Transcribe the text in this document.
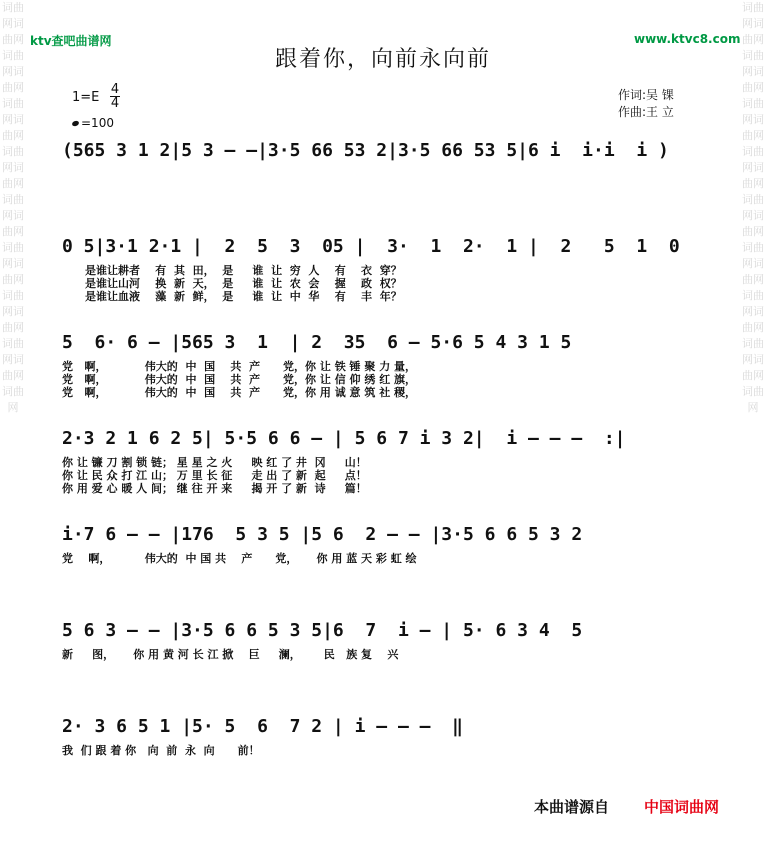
词曲网词曲网词曲网词曲网词曲网词曲网词曲网词曲网词曲网词曲网词曲网词曲网词曲网词曲网词曲网词曲网词曲网
词曲网词曲网词曲网词曲网词曲网词曲网词曲网词曲网词曲网词曲网词曲网词曲网词曲网词曲网词曲网词曲网词曲网
ktv查吧曲谱网	www.ktvc8.com
跟着你，向前永向前
作词:吴 锞
作曲:王 立
1=E
4
4
=100
(565 3 1 2|5 3 — —|3·5 66 53 2|3·5 66 53 5|6 i  i·i  i )
0 5|3·1 2·1 |  2  5  3  05 |  3·  1  2·  1 |  2   5  1  0
是谁让耕者    有  其  田，  是     谁  让  穷  人    有    衣  穿？
是谁让山河    换  新  天，  是     谁  让  农  会    握    政  权？
是谁让血液    藻  新  鲜，  是     谁  让  中  华    有    丰  年？
5  6· 6 — |565 3  1  | 2  35  6 — 5·6 5 4 3 1 5
党   啊，          伟大的  中  国    共  产      党，你 让 铁 锤 聚 力 量，
党   啊，          伟大的  中  国    共  产      党，你 让 信 仰 绣 红 旗，
党   啊，          伟大的  中  国    共  产      党，你 用 诚 意 筑 社 稷，
2·3 2 1 6 2 5| 5·5 6 6 — | 5 6 7 i 3 2|  i — — —  :|
你 让 镰 刀 割 锁 链； 星 星 之 火     映 红 了 井  冈     山！
你 让 民 众 打 江 山； 万 里 长 征     走 出 了 新  起     点！
你 用 爱 心 暖 人 间； 继 往 开 来     揭 开 了 新  诗     篇！
i·7 6 — — |176  5 3 5 |5 6  2 — — |3·5 6 6 5 3 2
党    啊，         伟大的  中 国 共    产      党，     你 用 蓝 天 彩 虹 绘
5 6 3 — — |3·5 6 6 5 3 5|6  7  i — | 5· 6 3 4  5
新     图，     你 用 黄 河 长 江 掀    巨     澜，      民   族 复    兴
2· 3 6 5 1 |5· 5  6  7 2 | i — — —  ‖
我  们 跟 着 你   向  前  永  向      前！
本曲谱源自 中国词曲网
